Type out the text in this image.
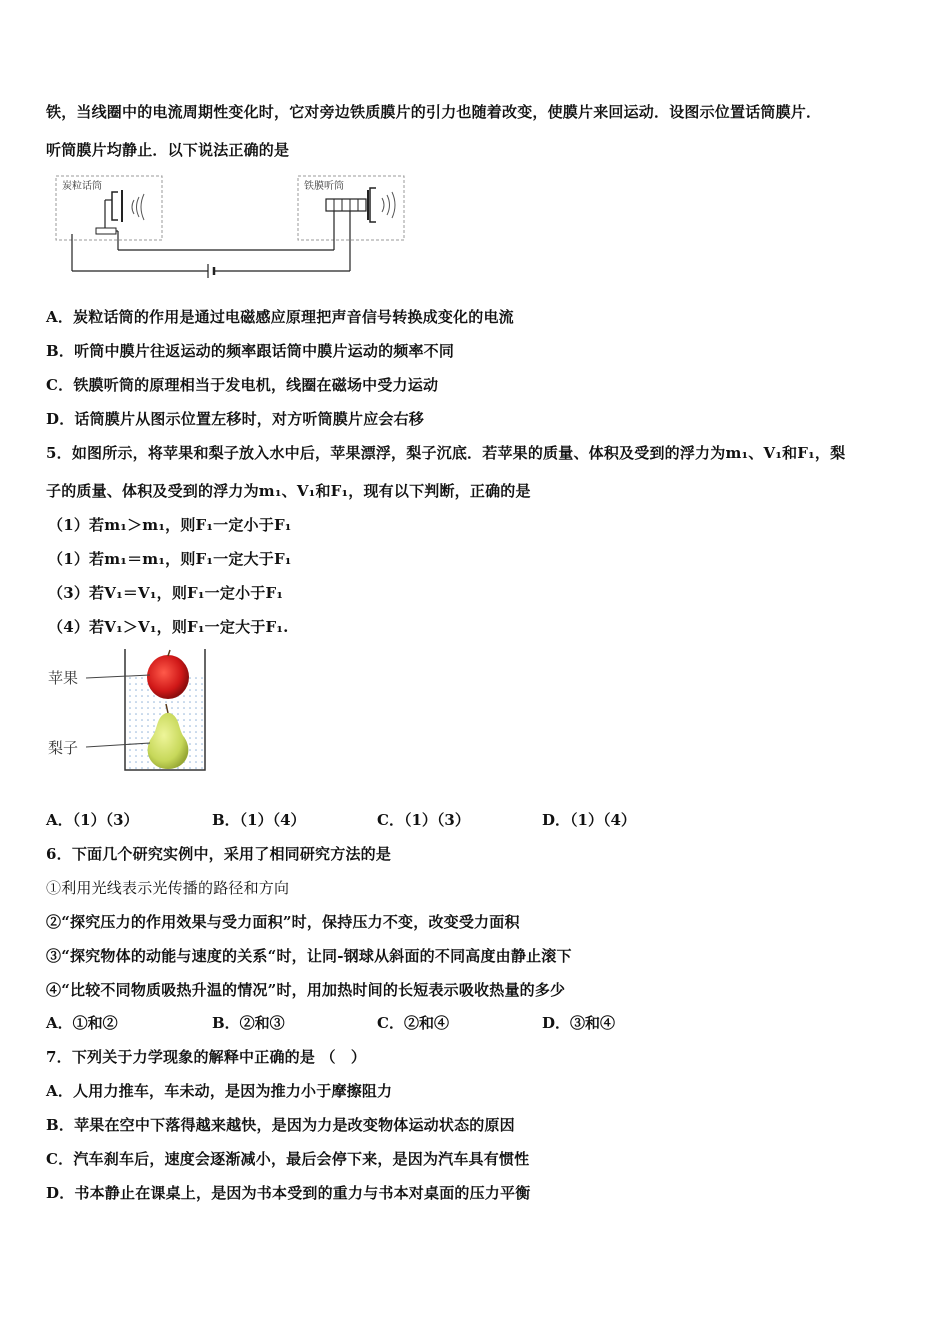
铁，当线圈中的电流周期性变化时，它对旁边铁质膜片的引力也随着改变，使膜片来回运动．设图示位置话筒膜片．
听筒膜片均静止．以下说法正确的是
炭粒话筒	铁膜听筒
A．炭粒话筒的作用是通过电磁感应原理把声音信号转换成变化的电流
B．听筒中膜片往返运动的频率跟话筒中膜片运动的频率不同
C．铁膜听筒的原理相当于发电机，线圈在磁场中受力运动
D．话筒膜片从图示位置左移时，对方听筒膜片应会右移
5．如图所示，将苹果和梨子放入水中后，苹果漂浮，梨子沉底．若苹果的质量、体积及受到的浮力为m₁、V₁和F₁，梨
子的质量、体积及受到的浮力为m₁、V₁和F₁，现有以下判断，正确的是
（1）若m₁＞m₁，则F₁一定小于F₁
（1）若m₁＝m₁，则F₁一定大于F₁
（3）若V₁＝V₁，则F₁一定小于F₁
（4）若V₁＞V₁，则F₁一定大于F₁.
苹果
梨子
A．（1）（3）	B．（1）（4）	C．（1）（3）	D．（1）（4）
6．下面几个研究实例中，采用了相同研究方法的是
①利用光线表示光传播的路径和方向
②“探究压力的作用效果与受力面积”时，保持压力不变，改变受力面积
③“探究物体的动能与速度的关系“时，让同-钢球从斜面的不同高度由静止滚下
④“比较不同物质吸热升温的情况”时，用加热时间的长短表示吸收热量的多少
A．①和②	B．②和③	C．②和④	D．③和④
7．下列关于力学现象的解释中正确的是 （　）
A．人用力推车，车未动，是因为推力小于摩擦阻力
B．苹果在空中下落得越来越快，是因为力是改变物体运动状态的原因
C．汽车刹车后，速度会逐渐减小，最后会停下来，是因为汽车具有惯性
D．书本静止在课桌上，是因为书本受到的重力与书本对桌面的压力平衡
